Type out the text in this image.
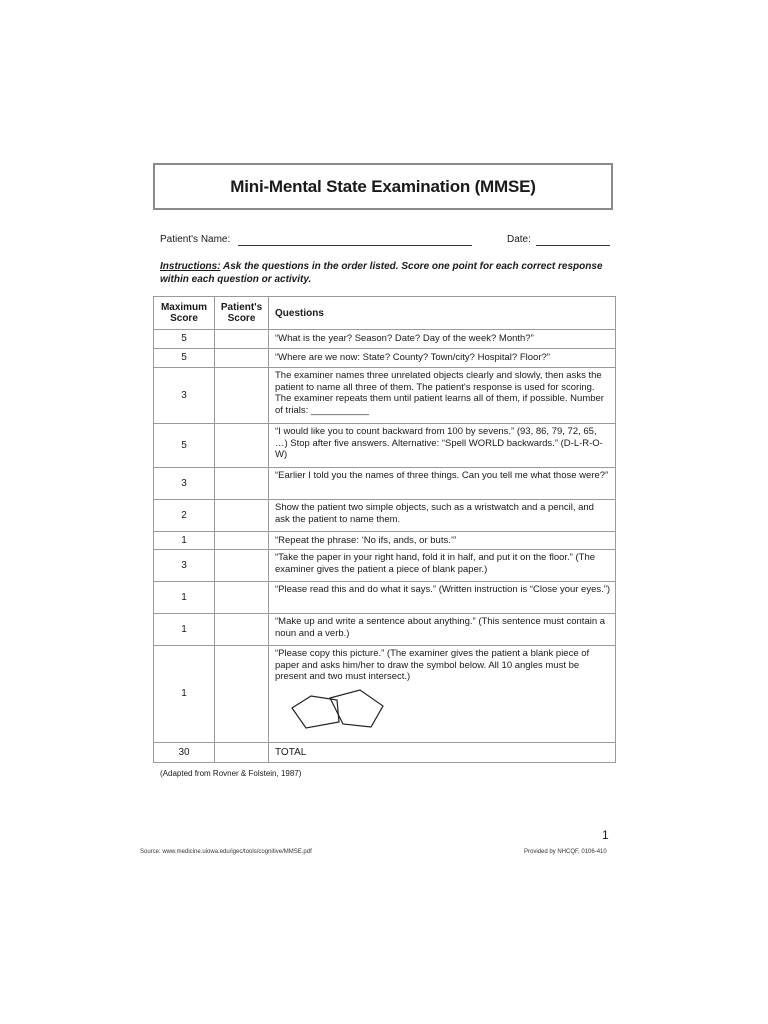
Mini-Mental State Examination (MMSE)
Patient's Name:	Date:
Instructions: Ask the questions in the order listed. Score one point for each correct response within each question or activity.
Maximum Score	Patient's Score	Questions
5		“What is the year? Season? Date? Day of the week? Month?”
5		“Where are we now: State? County? Town/city? Hospital? Floor?”
3		The examiner names three unrelated objects clearly and slowly, then asks the patient to name all three of them. The patient's response is used for scoring. The examiner repeats them until patient learns all of them, if possible. Number of trials: ___________
5		“I would like you to count backward from 100 by sevens.” (93, 86, 79, 72, 65, …) Stop after five answers. Alternative: “Spell WORLD backwards.” (D-L-R-O-W)
3		“Earlier I told you the names of three things. Can you tell me what those were?”
2		Show the patient two simple objects, such as a wristwatch and a pencil, and ask the patient to name them.
1		“Repeat the phrase: ‘No ifs, ands, or buts.’”
3		“Take the paper in your right hand, fold it in half, and put it on the floor.” (The examiner gives the patient a piece of blank paper.)
1		“Please read this and do what it says.” (Written instruction is “Close your eyes.”)
1		“Make up and write a sentence about anything.” (This sentence must contain a noun and a verb.)
1		“Please copy this picture.” (The examiner gives the patient a blank piece of paper and asks him/her to draw the symbol below. All 10 angles must be present and two must intersect.)

30		TOTAL
(Adapted from Rovner & Folstein, 1987)
1
Source: www.medicine.uiowa.edu/igec/tools/cognitive/MMSE.pdf	Provided by NHCQF, 0106-410
